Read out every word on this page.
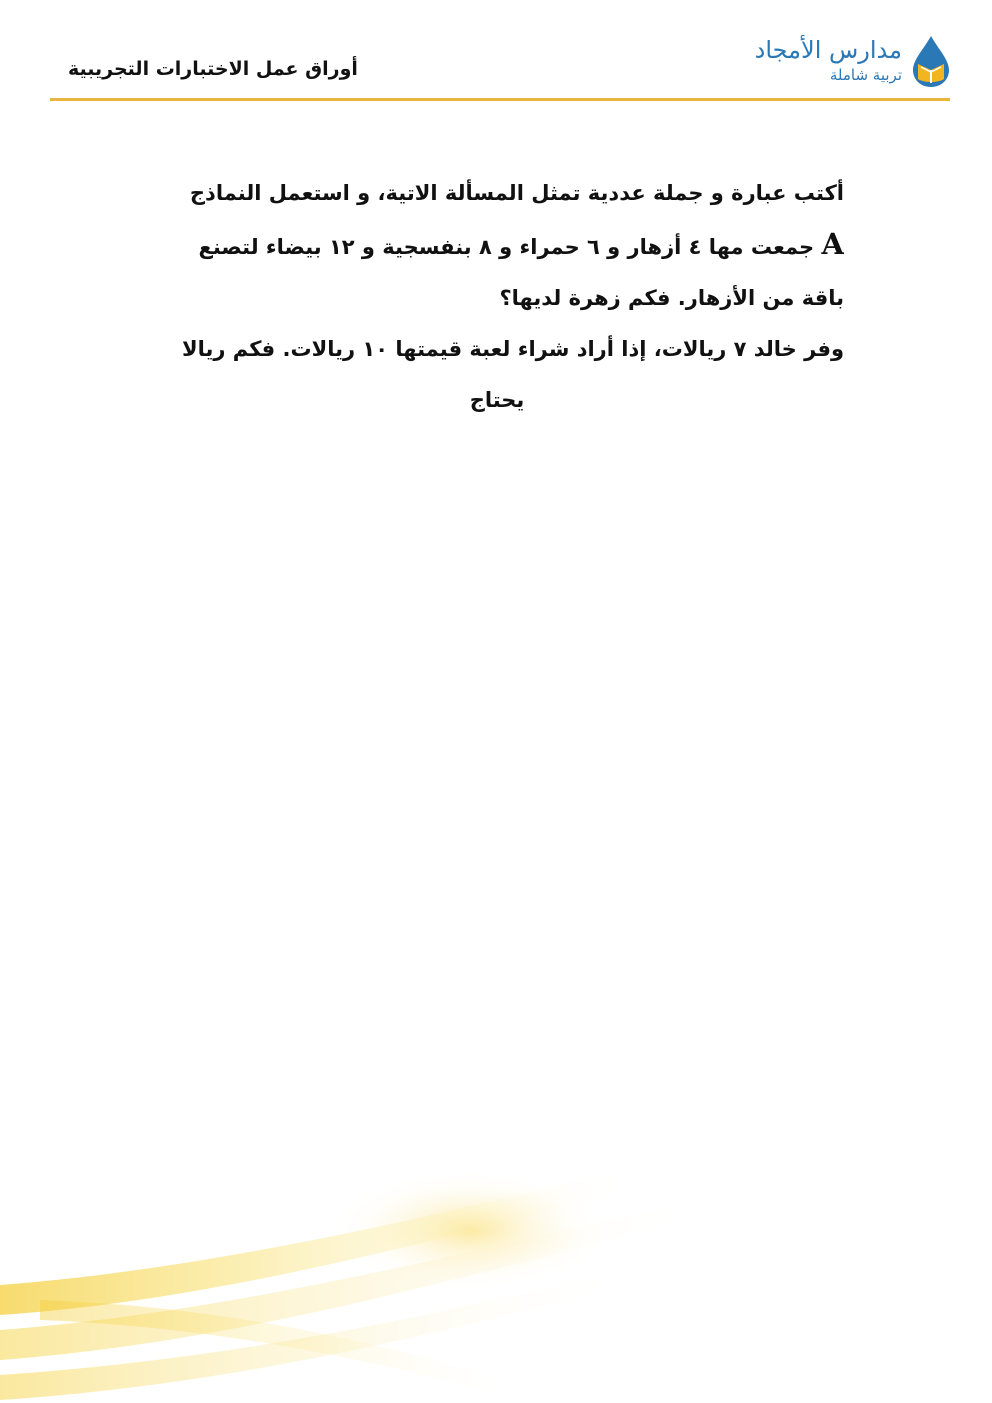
أوراق عمل الاختبارات التجريبية
مدارس الأمجاد
تربية شاملة
أكتب عبارة و جملة عددية تمثل المسألة الاتية، و استعمل النماذج
A جمعت مها ٤ أزهار و ٦ حمراء و ٨ بنفسجية و ١٢ بيضاء لتصنع
باقة من الأزهار. فكم زهرة لديها؟
وفر خالد ٧ ريالات، إذا أراد شراء لعبة قيمتها ١٠ ريالات. فكم ريالا
يحتاج
